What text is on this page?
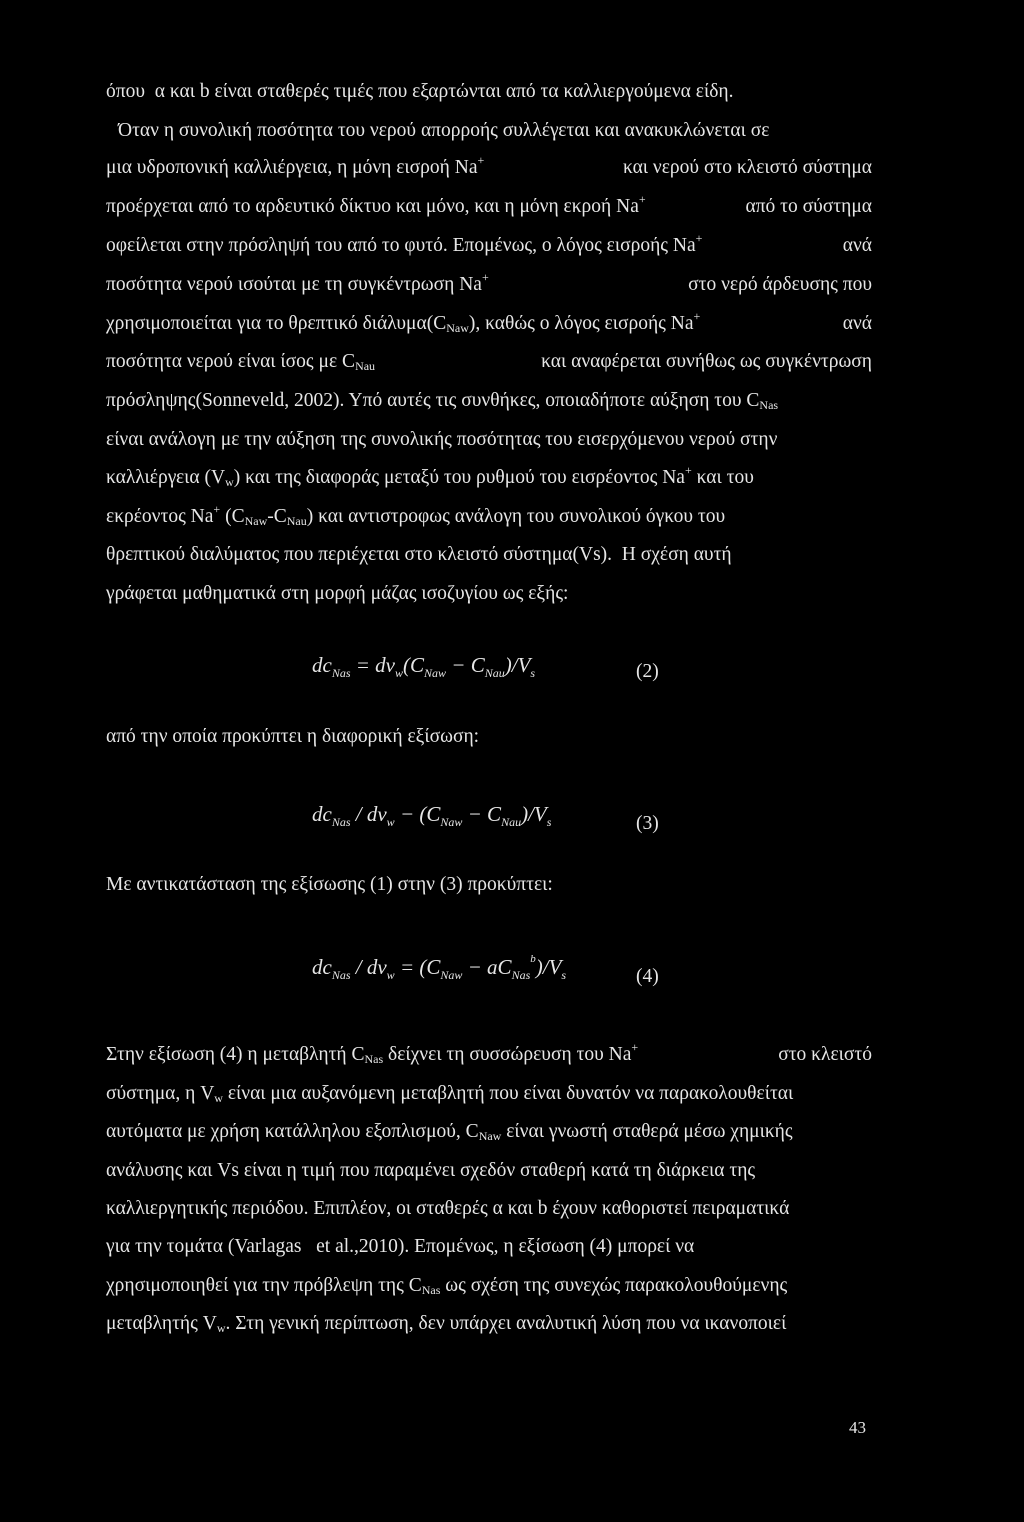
όπου  α και b είναι σταθερές τιμές που εξαρτώνται από τα καλλιεργούμενα είδη.
Όταν η συνολική ποσότητα του νερού απορροής συλλέγεται και ανακυκλώνεται σε
μια υδροπονική καλλιέργεια, η μόνη εισροή Na+	και νερού στο κλειστό σύστημα
προέρχεται από το αρδευτικό δίκτυο και μόνο, και η μόνη εκροή Na+	από το σύστημα
οφείλεται στην πρόσληψή του από το φυτό. Επομένως, ο λόγος εισροής Na+	ανά
ποσότητα νερού ισούται με τη συγκέντρωση Na+	στο νερό άρδευσης που
χρησιμοποιείται για το θρεπτικό $\delta\iota ά\lambda\upsilon\mu\alpha(C_{Naw})$, καθώς ο λόγος εισροής Na+	ανά
ποσότητα νερού είναι ίσος με $C_{Nau}$	και αναφέρεται συνήθως ως συγκέντρωση
πρόσληψης(Sonneveld, 2002). Υπό αυτές τις συνθήκες, οποιαδήποτε αύξηση του $C_{Nas}$
είναι ανάλογη με την αύξηση της συνολικής ποσότητας του εισερχόμενου νερού στην
καλλιέργεια $(V_w)$ και της διαφοράς μεταξύ του ρυθμού του εισρέοντος Na+ και του
εκρέοντος Na+ $(C_{Naw}-C_{Nau})$ και αντιστροφως ανάλογη του συνολικού όγκου του
θρεπτικού διαλύματος που περιέχεται στο κλειστό σύστημα(Vs).  Η σχέση αυτή
γράφεται μαθηματικά στη μορφή μάζας ισοζυγίου ως εξής:
$dc_{Nas} = dv_w(C_{Naw} - C_{Nau})/V_s$	(2)
από την οποία προκύπτει η διαφορική εξίσωση:
$dc_{Nas} / dv_w - (C_{Naw} - C_{Nau})/V_s$	(3)
Με αντικατάσταση της εξίσωσης (1) στην (3) προκύπτει:
$dc_{Nas} / dv_w = (C_{Naw} - aC_{Nas}^b)/V_s$	(4)
Στην εξίσωση (4) η μεταβλητή $C_{Nas}$ δείχνει τη συσσώρευση του Na+	στο κλειστό
σύστημα, η $V_w$ είναι μια αυξανόμενη μεταβλητή που είναι δυνατόν να παρακολουθείται
αυτόματα με χρήση κατάλληλου εξοπλισμού, $C_{Naw}$ είναι γνωστή σταθερά μέσω χημικής
ανάλυσης και Vs είναι η τιμή που παραμένει σχεδόν σταθερή κατά τη διάρκεια της
καλλιεργητικής περιόδου. Επιπλέον, οι σταθερές α και b έχουν καθοριστεί πειραματικά
για την τομάτα (Varlagas   et al.,2010). Επομένως, η εξίσωση (4) μπορεί να
χρησιμοποιηθεί για την πρόβλεψη της $C_{Nas}$ ως σχέση της συνεχώς παρακολουθούμενης
μεταβλητής $V_w$. Στη γενική περίπτωση, δεν υπάρχει αναλυτική λύση που να ικανοποιεί
43
